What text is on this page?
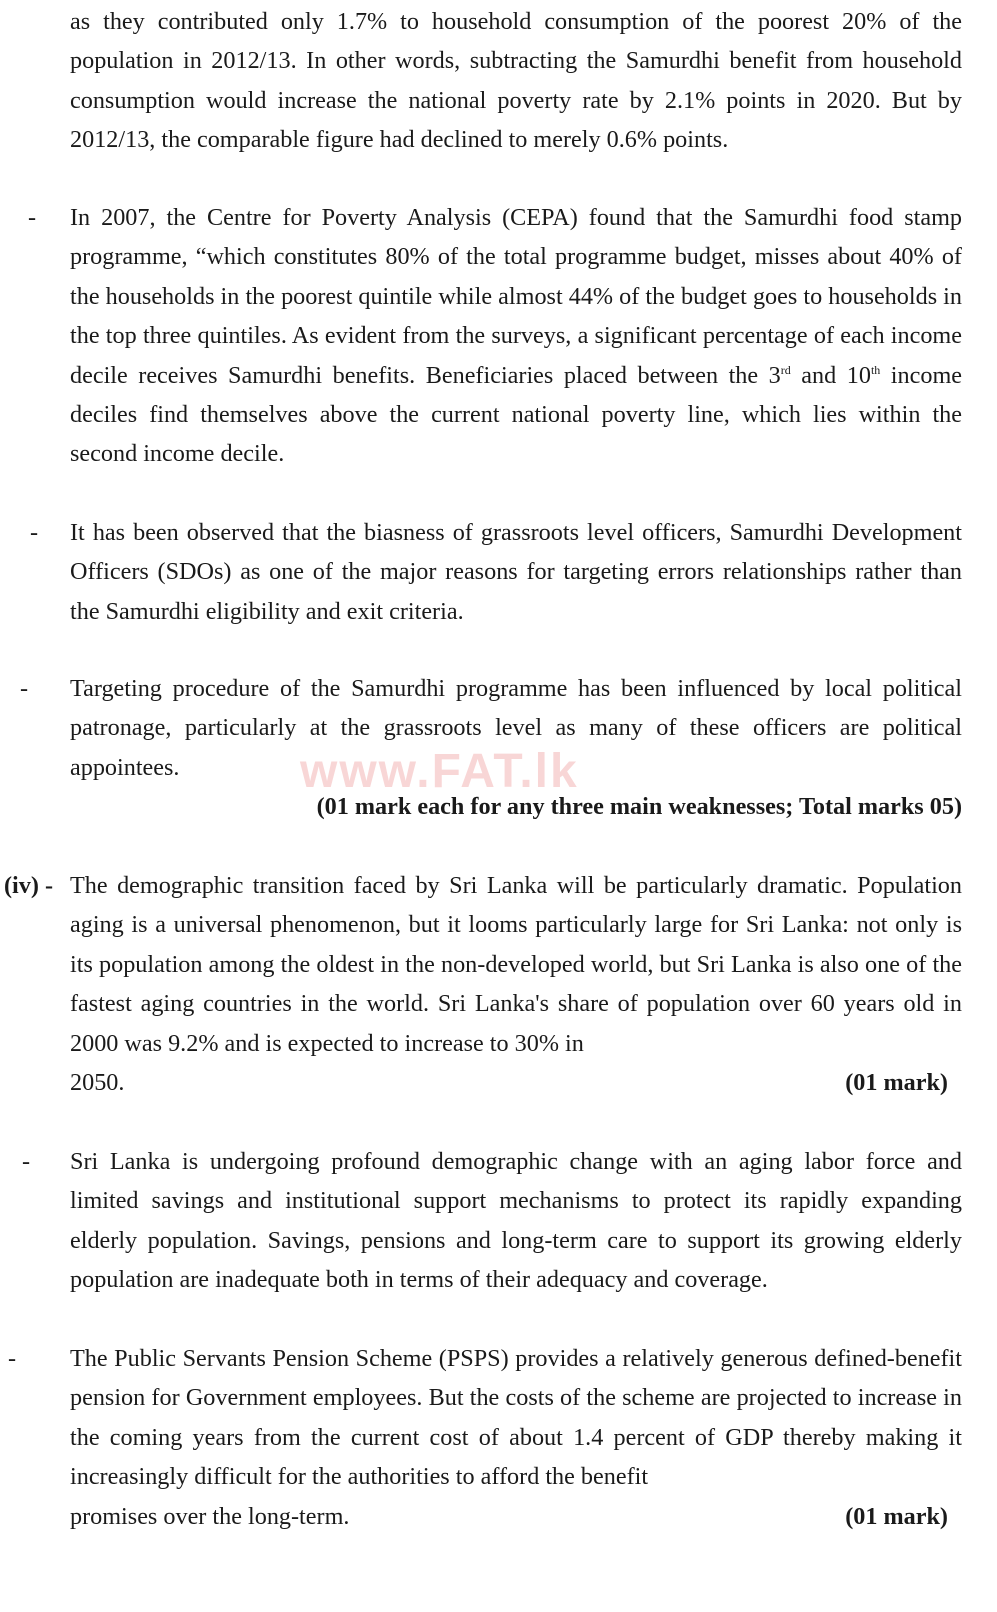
www.FAT.lk

as they contributed only 1.7% to household consumption of the poorest 20% of the population in 2012/13. In other words, subtracting the Samurdhi benefit from household consumption would increase the national poverty rate by 2.1% points in 2020. But by 2012/13, the comparable figure had declined to merely 0.6% points.

- In 2007, the Centre for Poverty Analysis (CEPA) found that the Samurdhi food stamp programme, “which constitutes 80% of the total programme budget, misses about 40% of the households in the poorest quintile while almost 44% of the budget goes to households in the top three quintiles. As evident from the surveys, a significant percentage of each income decile receives Samurdhi benefits. Beneficiaries placed between the 3rd and 10th income deciles find themselves above the current national poverty line, which lies within the second income decile.

- It has been observed that the biasness of grassroots level officers, Samurdhi Development Officers (SDOs) as one of the major reasons for targeting errors relationships rather than the Samurdhi eligibility and exit criteria.

- Targeting procedure of the Samurdhi programme has been influenced by local political patronage, particularly at the grassroots level as many of these officers are political appointees.

(01 mark each for any three main weaknesses; Total marks 05)
(iv) - The demographic transition faced by Sri Lanka will be particularly dramatic. Population aging is a universal phenomenon, but it looms particularly large for Sri Lanka: not only is its population among the oldest in the non-developed world, but Sri Lanka is also one of the fastest aging countries in the world. Sri Lanka's share of population over 60 years old in 2000 was 9.2% and is expected to increase to 30% in

2050.	(01 mark)
- Sri Lanka is undergoing profound demographic change with an aging labor force and limited savings and institutional support mechanisms to protect its rapidly expanding elderly population. Savings, pensions and long-term care to support its growing elderly population are inadequate both in terms of their adequacy and coverage.

- The Public Servants Pension Scheme (PSPS) provides a relatively generous defined-benefit pension for Government employees. But the costs of the scheme are projected to increase in the coming years from the current cost of about 1.4 percent of GDP thereby making it increasingly difficult for the authorities to afford the benefit

promises over the long-term.	(01 mark)
